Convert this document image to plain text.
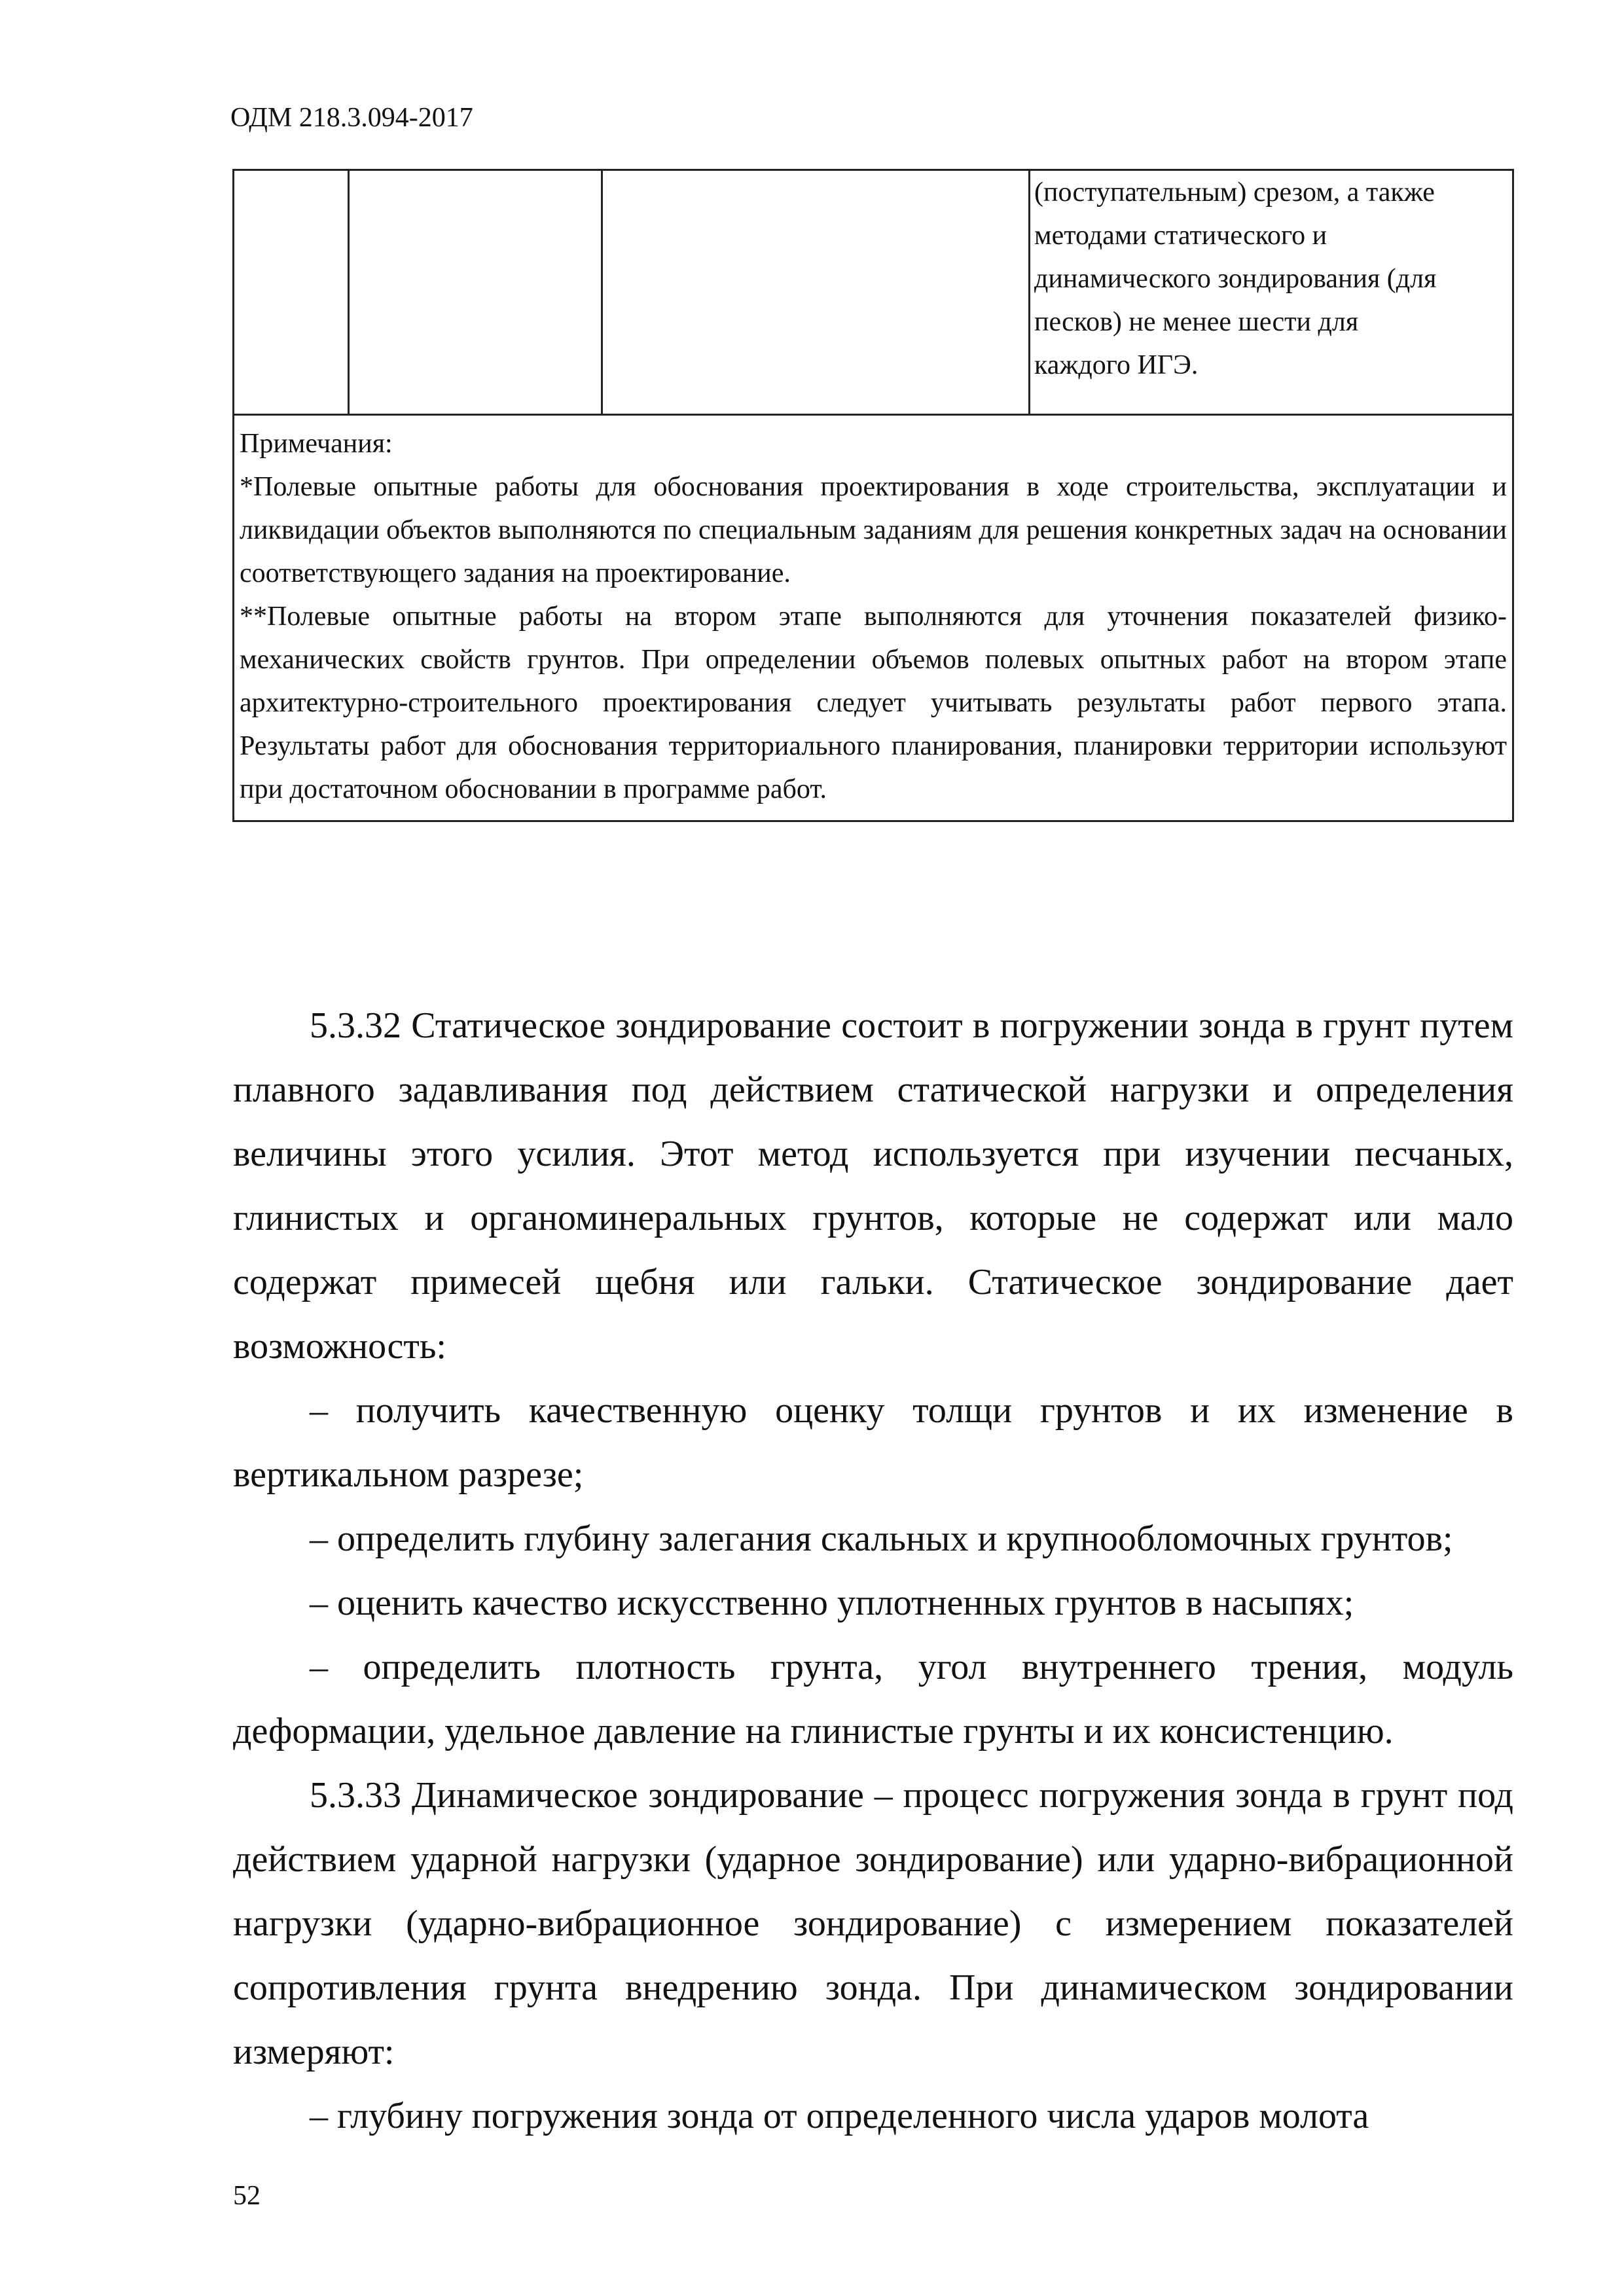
ОДМ 218.3.094-2017

(поступательным) срезом, а также
методами статического и
динамического зондирования (для
песков) не менее шести для
каждого ИГЭ.

Примечания:

*Полевые опытные работы для обоснования проектирования в ходе строительства, эксплуатации и ликвидации объектов выполняются по специальным заданиям для решения конкретных задач на основании соответствующего задания на проектирование.

**Полевые опытные работы на втором этапе выполняются для уточнения показателей физико-механических свойств грунтов. При определении объемов полевых опытных работ на втором этапе архитектурно-строительного проектирования следует учитывать результаты работ первого этапа. Результаты работ для обоснования территориального планирования, планировки территории используют при достаточном обосновании в программе работ.

5.3.32 Статическое зондирование состоит в погружении зонда в грунт путем плавного задавливания под действием статической нагрузки и определения величины этого усилия. Этот метод используется при изучении песчаных, глинистых и органоминеральных грунтов, которые не содержат или мало содержат примесей щебня или гальки. Статическое зондирование дает возможность:

– получить качественную оценку толщи грунтов и их изменение в вертикальном разрезе;

– определить глубину залегания скальных и крупнообломочных грунтов;

– оценить качество искусственно уплотненных грунтов в насыпях;

– определить плотность грунта, угол внутреннего трения, модуль деформации, удельное давление на глинистые грунты и их консистенцию.

5.3.33 Динамическое зондирование – процесс погружения зонда в грунт под действием ударной нагрузки (ударное зондирование) или ударно-вибрационной нагрузки (ударно-вибрационное зондирование) с измерением показателей сопротивления грунта внедрению зонда. При динамическом зондировании измеряют:

– глубину погружения зонда от определенного числа ударов молота

52
